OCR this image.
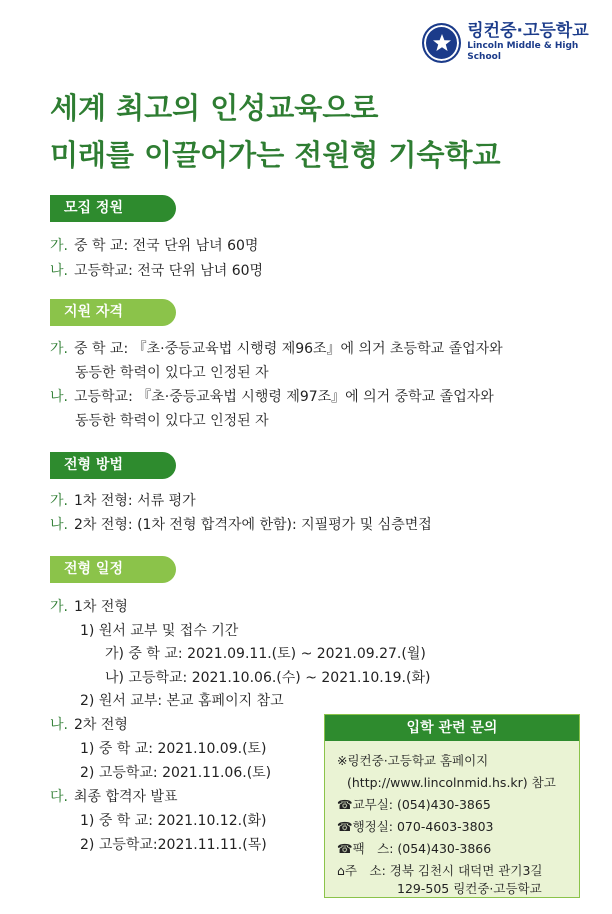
링컨중·고등학교
Lincoln Middle & High School
세계 최고의 인성교육으로
미래를 이끌어가는 전원형 기숙학교
모집 정원
가. 중 학 교: 전국 단위 남녀 60명
나. 고등학교: 전국 단위 남녀 60명
지원 자격
가. 중 학 교: 『초·중등교육법 시행령 제96조』에 의거 초등학교 졸업자와
동등한 학력이 있다고 인정된 자
나. 고등학교: 『초·중등교육법 시행령 제97조』에 의거 중학교 졸업자와
동등한 학력이 있다고 인정된 자
전형 방법
가. 1차 전형: 서류 평가
나. 2차 전형: (1차 전형 합격자에 한함): 지필평가 및 심층면접
전형 일정
가. 1차 전형
1) 원서 교부 및 접수 기간
가) 중 학 교: 2021.09.11.(토) ~ 2021.09.27.(월)
나) 고등학교: 2021.10.06.(수) ~ 2021.10.19.(화)
2) 원서 교부: 본교 홈페이지 참고
나. 2차 전형
1) 중 학 교: 2021.10.09.(토)
2) 고등학교: 2021.11.06.(토)
다. 최종 합격자 발표
1) 중 학 교: 2021.10.12.(화)
2) 고등학교:2021.11.11.(목)
입학 관련 문의
※링컨중·고등학교 홈페이지
(http://www.lincolnmid.hs.kr) 참고
☎교무실: (054)430-3865
☎행정실: 070-4603-3803
☎팩　스: (054)430-3866
⌂주　소: 경북 김천시 대덕면 관기3길
129-505 링컨중·고등학교
